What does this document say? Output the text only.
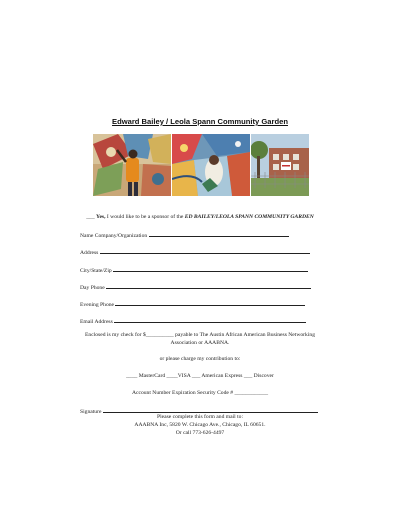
Edward Bailey / Leola Spann Community Garden
___ Yes, I would like to be a sponsor of the ED BAILEY/LEOLA SPANN COMMUNITY GARDEN
Name Company/Organization
Address
City/State/Zip
Day Phone
Evening Phone
Email Address
Enclosed is my check for $__________ payable to The Austin African American Business Networking
Association or AAABNA.
or please charge my contribution to:
____ MasterCard ____VISA ___ American Express ___ Discover
Account Number Expiration Security Code # ____________
Signature
Please complete this form and mail to:
AAABNA Inc, 5820 W. Chicago Ave., Chicago, IL 60651.
Or call 773-626-4497
